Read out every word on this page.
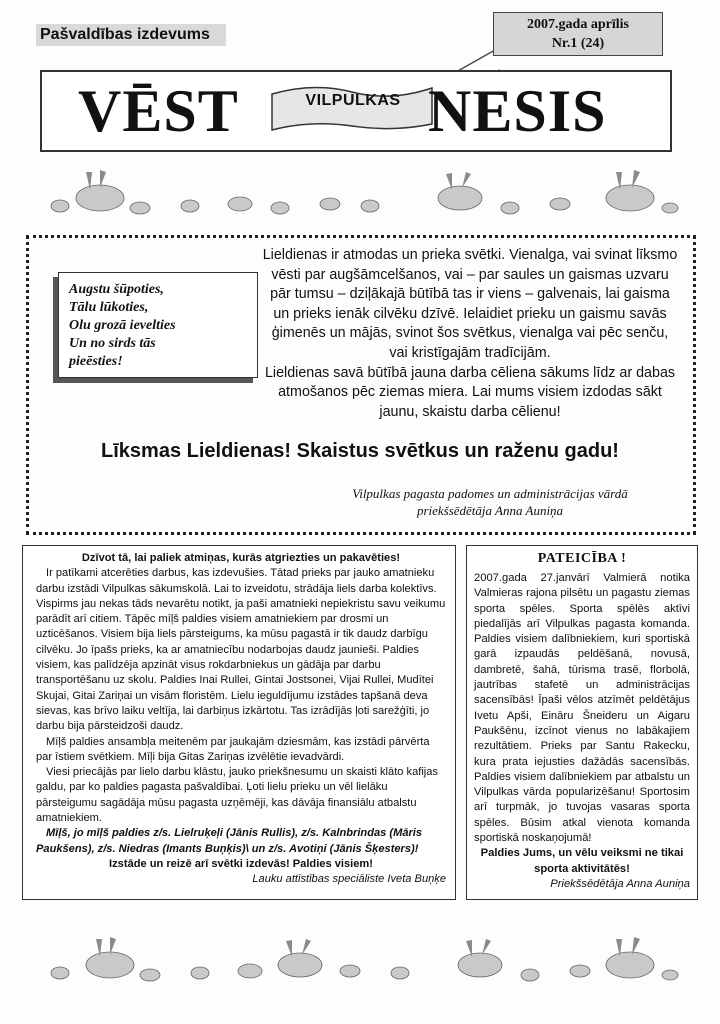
Pašvaldības izdevums
2007.gada aprīlis
Nr.1 (24)
VĒST	VILPULKAS NESIS
Augstu šūpoties,
Tālu lūkoties,
Olu grozā ievelties
Un no sirds tās
pieēsties!

Lieldienas ir atmodas un prieka svētki. Vienalga, vai svinat līksmo vēsti par augšāmcelšanos, vai – par saules un gaismas uzvaru pār tumsu – dziļākajā būtībā tas ir viens – galvenais, lai gaisma un prieks ienāk cilvēku dzīvē. Ielaidiet prieku un gaismu savās ģimenēs un mājās, svinot šos svētkus, vienalga vai pēc senču, vai kristīgajām tradīcijām.

Lieldienas savā būtībā jauna darba cēliena sākums līdz ar dabas atmošanos pēc ziemas miera. Lai mums visiem izdodas sākt jaunu, skaistu darba cēlienu!

Līksmas Lieldienas! Skaistus svētkus un raženu gadu!
Vilpulkas pagasta padomes un administrācijas vārdā
priekšsēdētāja Anna Auniņa

Dzīvot tā, lai paliek atmiņas, kurās atgriezties un pakavēties!

Ir patīkami atcerēties darbus, kas izdevušies. Tātad prieks par jauko amatnieku darbu izstādi Vilpulkas sākumskolā. Lai to izveidotu, strādāja liels darba kolektīvs. Vispirms jau nekas tāds nevarētu notikt, ja paši amatnieki nepiekristu savu veikumu parādīt arī citiem. Tāpēc mīļš paldies visiem amatniekiem par drosmi un uzticēšanos. Visiem bija liels pārsteigums, ka mūsu pagastā ir tik daudz darbīgu cilvēku. Jo īpašs prieks, ka ar amatniecību nodarbojas daudz jaunieši. Paldies visiem, kas palīdzēja apzināt visus rokdarbniekus un gādāja par darbu transportēšanu uz skolu. Paldies Inai Rullei, Gintai Jostsonei, Vijai Rullei, Mudītei Skujai, Gitai Zariņai un visām floristēm. Lielu ieguldījumu izstādes tapšanā deva sievas, kas brīvo laiku veltīja, lai darbiņus izkārtotu. Tas izrādījās ļoti sarežģīti, jo darbu bija pārsteidzoši daudz.

Mīļš paldies ansambļa meitenēm par jaukajām dziesmām, kas izstādi pārvērta par īstiem svētkiem. Mīļi bija Gitas Zariņas izvēlētie ievadvārdi.

Viesi priecājās par lielo darbu klāstu, jauko priekšnesumu un skaisti klāto kafijas galdu, par ko paldies pagasta pašvaldībai. Ļoti lielu prieku un vēl lielāku pārsteigumu sagādāja mūsu pagasta uzņēmēji, kas dāvāja finansiālu atbalstu amatniekiem.

Mīļš, jo mīļš paldies z/s. Lielruķeļi (Jānis Rullis), z/s. Kalnbrindas (Māris Paukšens), z/s. Niedras (Imants Buņķis)\ un z/s. Avotiņi (Jānis Šķesters)!

Izstāde un reizē arī svētki izdevās! Paldies visiem!

Lauku attīstības speciāliste Iveta Buņķe

PATEICĪBA !

2007.gada 27.janvārī Valmierā notika Valmieras rajona pilsētu un pagastu ziemas sporta spēles. Sporta spēlēs aktīvi piedalījās arī Vilpulkas pagasta komanda. Paldies visiem dalībniekiem, kuri sportiskā garā izpaudās peldēšanā, novusā, dambretē, šahā, tūrisma trasē, florbolā, jautrības stafetē un administrācijas sacensībās! Īpaši vēlos atzīmēt peldētājus Ivetu Apši, Eināru Šneideru un Aigaru Paukšēnu, izcīnot vienus no labākajiem rezultātiem. Prieks par Santu Rakecku, kura prata iejusties dažādās sacensībās. Paldies visiem dalībniekiem par atbalstu un Vilpulkas vārda popularizēšanu! Sportosim arī turpmāk, jo tuvojas vasaras sporta spēles. Būsim atkal vienota komanda sportiskā noskaņojumā!

Paldies Jums, un vēlu veiksmi ne tikai sporta aktivitātēs!

Priekšsēdētāja Anna Auniņa
